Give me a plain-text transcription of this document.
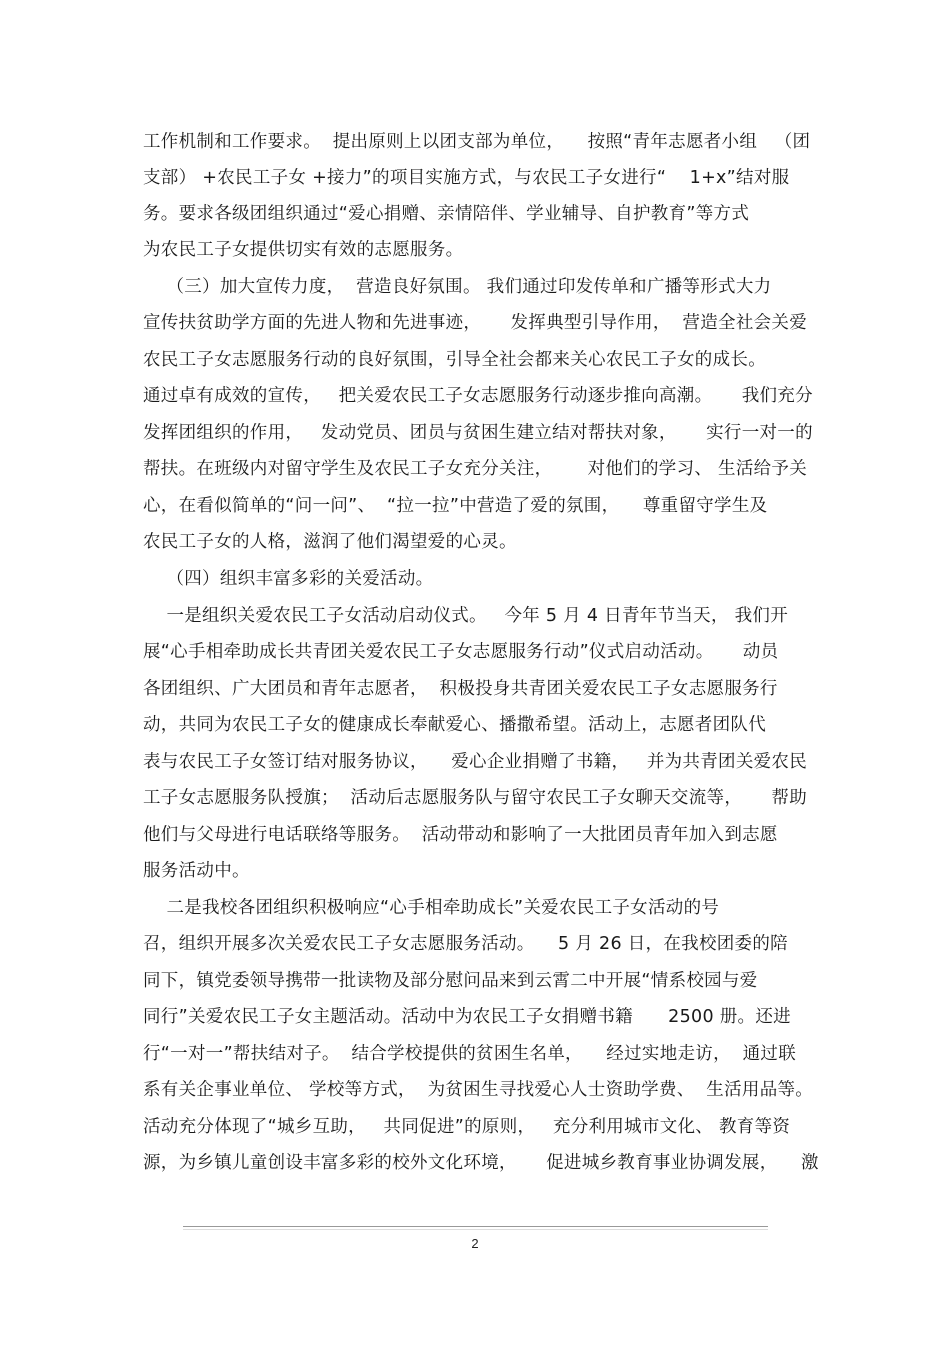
工作机制和工作要求。  提出原则上以团支部为单位，    按照“青年志愿者小组   （团
支部） +农民工子女 +接力”的项目实施方式，与农民工子女进行“    1+x”结对服
务。要求各级团组织通过“爱心捐赠、亲情陪伴、学业辅导、自护教育”等方式
为农民工子女提供切实有效的志愿服务。
（三）加大宣传力度，  营造良好氛围。 我们通过印发传单和广播等形式大力
宣传扶贫助学方面的先进人物和先进事迹，     发挥典型引导作用，  营造全社会关爱
农民工子女志愿服务行动的良好氛围，引导全社会都来关心农民工子女的成长。
通过卓有成效的宣传，   把关爱农民工子女志愿服务行动逐步推向高潮。     我们充分
发挥团组织的作用，   发动党员、团员与贫困生建立结对帮扶对象，     实行一对一的
帮扶。在班级内对留守学生及农民工子女充分关注，      对他们的学习、 生活给予关
心，在看似简单的“问一问”、  “拉一拉”中营造了爱的氛围，    尊重留守学生及
农民工子女的人格，滋润了他们渴望爱的心灵。
（四）组织丰富多彩的关爱活动。
一是组织关爱农民工子女活动启动仪式。   今年 5 月 4 日青年节当天， 我们开
展“心手相牵助成长共青团关爱农民工子女志愿服务行动”仪式启动活动。     动员
各团组织、广大团员和青年志愿者，  积极投身共青团关爱农民工子女志愿服务行
动，共同为农民工子女的健康成长奉献爱心、播撒希望。活动上，志愿者团队代
表与农民工子女签订结对服务协议，    爱心企业捐赠了书籍，   并为共青团关爱农民
工子女志愿服务队授旗；  活动后志愿服务队与留守农民工子女聊天交流等，     帮助
他们与父母进行电话联络等服务。  活动带动和影响了一大批团员青年加入到志愿
服务活动中。
二是我校各团组织积极响应“心手相牵助成长”关爱农民工子女活动的号
召，组织开展多次关爱农民工子女志愿服务活动。    5 月 26 日，在我校团委的陪
同下，镇党委领导携带一批读物及部分慰问品来到云霄二中开展“情系校园与爱
同行”关爱农民工子女主题活动。活动中为农民工子女捐赠书籍      2500 册。还进
行“一对一”帮扶结对子。  结合学校提供的贫困生名单，    经过实地走访，  通过联
系有关企事业单位、 学校等方式，  为贫困生寻找爱心人士资助学费、  生活用品等。
活动充分体现了“城乡互助，   共同促进”的原则，   充分利用城市文化、 教育等资
源，为乡镇儿童创设丰富多彩的校外文化环境，     促进城乡教育事业协调发展，    激
2
